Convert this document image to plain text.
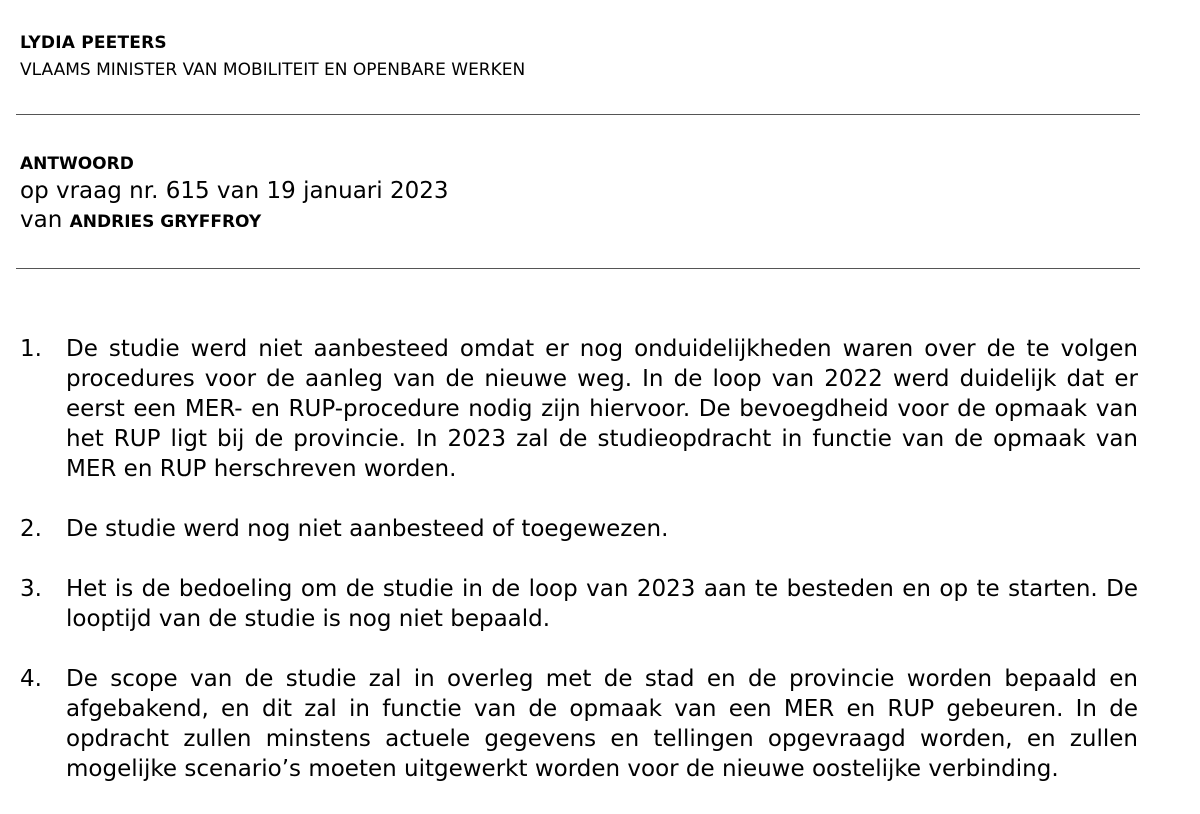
LYDIA PEETERS
VLAAMS MINISTER VAN MOBILITEIT EN OPENBARE WERKEN
ANTWOORD
op vraag nr. 615 van 19 januari 2023
van ANDRIES GRYFFROY
1. De studie werd niet aanbesteed omdat er nog onduidelijkheden waren over de te volgen procedures voor de aanleg van de nieuwe weg. In de loop van 2022 werd duidelijk dat er eerst een MER- en RUP-procedure nodig zijn hiervoor. De bevoegdheid voor de opmaak van het RUP ligt bij de provincie. In 2023 zal de studieopdracht in functie van de opmaak van MER en RUP herschreven worden.
2. De studie werd nog niet aanbesteed of toegewezen.
3. Het is de bedoeling om de studie in de loop van 2023 aan te besteden en op te starten. De looptijd van de studie is nog niet bepaald.
4. De scope van de studie zal in overleg met de stad en de provincie worden bepaald en afgebakend, en dit zal in functie van de opmaak van een MER en RUP gebeuren. In de opdracht zullen minstens actuele gegevens en tellingen opgevraagd worden, en zullen mogelijke scenario’s moeten uitgewerkt worden voor de nieuwe oostelijke verbinding.
